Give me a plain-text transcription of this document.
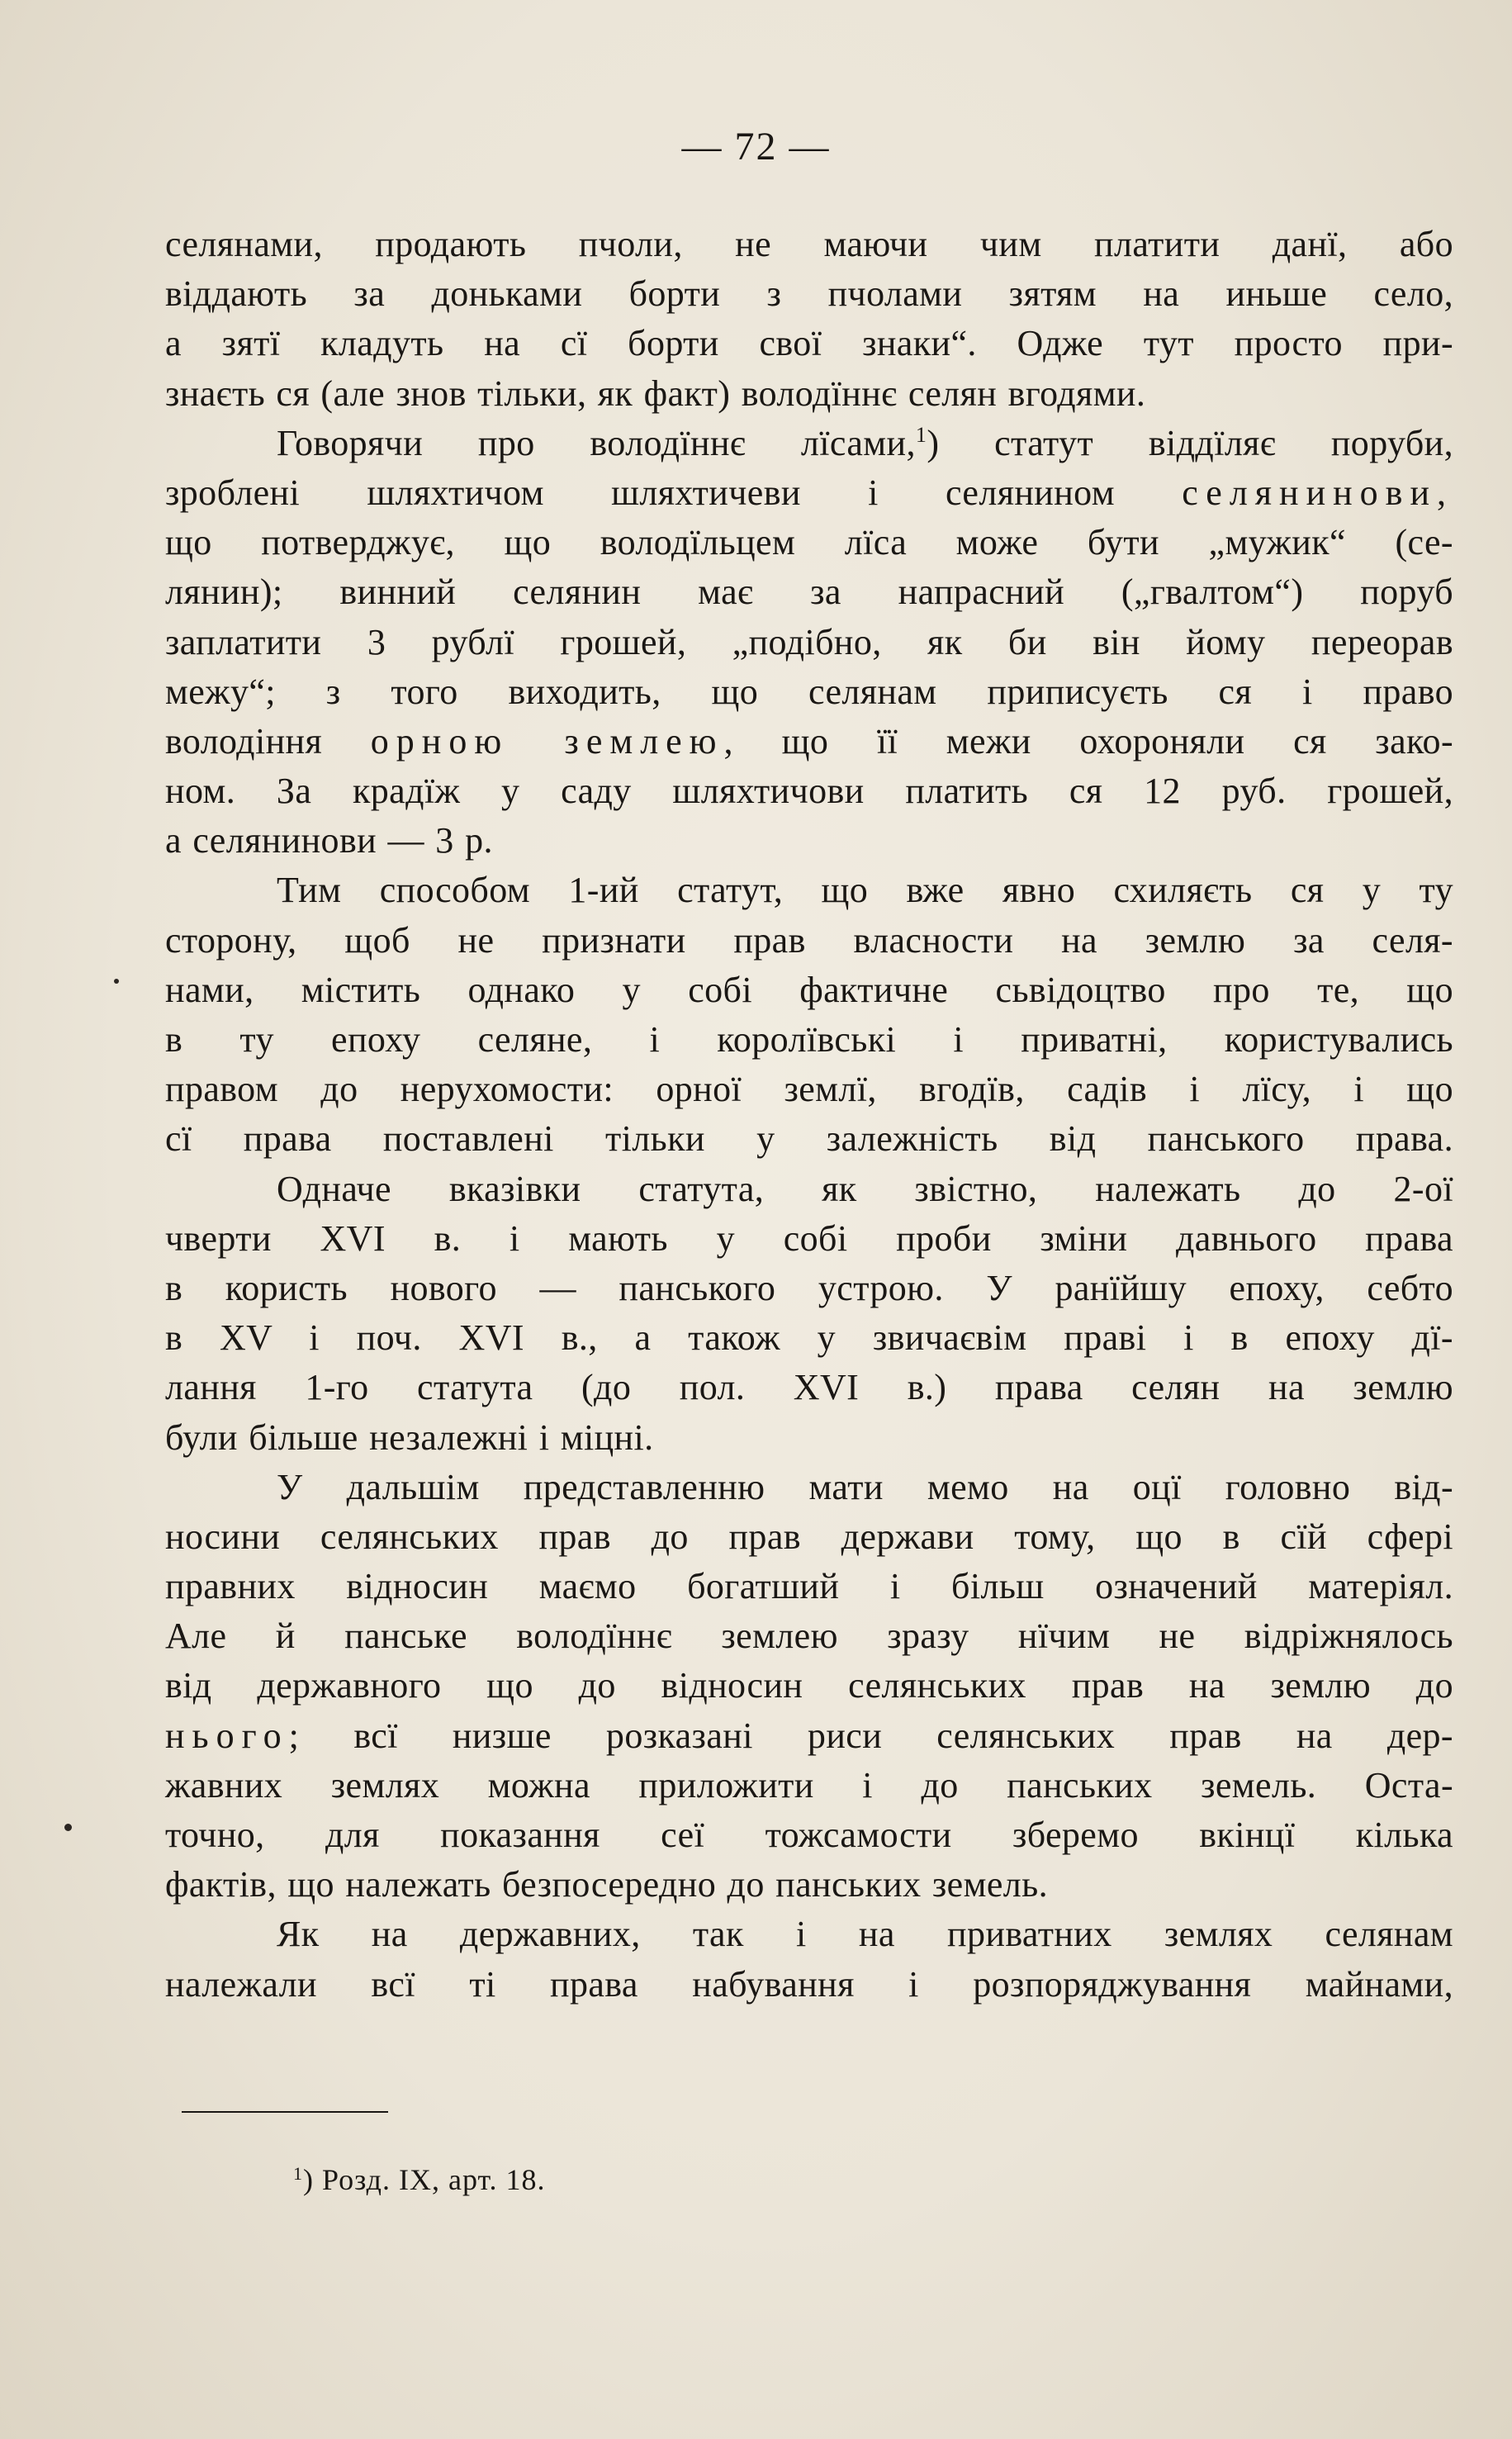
— 72 —
селянами, продають пчоли, не маючи чим платити данї, або
віддають за доньками борти з пчолами зятям на иньше село,
а зятї кладуть на сї борти свої знаки“. Одже тут просто при-
знаєть ся (але знов тільки, як факт) володїннє селян вгодями.
Говорячи про володїннє лїсами,$^1$) статут віддїляє поруби,
зроблені шляхтичом шляхтичеви і селянином селянинови,
що потверджує, що володїльцем лїса може бути „мужик“ (се-
лянин); винний селянин має за напрасний („гвалтом“) поруб
заплатити 3 рублї грошей, „подібно, як би він йому переорав
межу“; з того виходить, що селянам приписуєть ся і право
володіння орною землею, що її межи охороняли ся зако-
ном. За крадїж у саду шляхтичови платить ся 12 руб. грошей,
а селянинови — 3 р.
Тим способом 1-ий статут, що вже явно схиляєть ся у ту
сторону, щоб не признати прав власности на землю за селя-
нами, містить однако у собі фактичне сьвідоцтво про те, що
в ту епоху селяне, і королївські і приватні, користувались
правом до нерухомости: орної землї, вгодїв, садів і лїсу, і що
сї права поставлені тільки у залежність від панського права.
Одначе вказівки статута, як звістно, належать до 2-ої
чверти XVI в. і мають у собі проби зміни давнього права
в користь нового — панського устрою. У ранїйшу епоху, себто
в XV і поч. XVI в., а також у звичаєвім праві і в епоху дї-
лання 1-го статута (до пол. XVI в.) права селян на землю
були більше незалежні і міцні.
У дальшім представленню мати мемо на оцї головно від-
носини селянських прав до прав держави тому, що в сїй сфері
правних відносин маємо богатший і більш означений матеріял.
Але й панське володїннє землею зразу нїчим не відріжнялось
від державного що до відносин селянських прав на землю до
нього; всї низше розказані риси селянських прав на дер-
жавних землях можна приложити і до панських земель. Оста-
точно, для показання сеї тожсамости зберемо вкінцї кілька
фактів, що належать безпосередно до панських земель.
Як на державних, так і на приватних землях селянам
належали всї ті права набування і розпоряджування майнами,
$^1$) Розд. IX, арт. 18.
